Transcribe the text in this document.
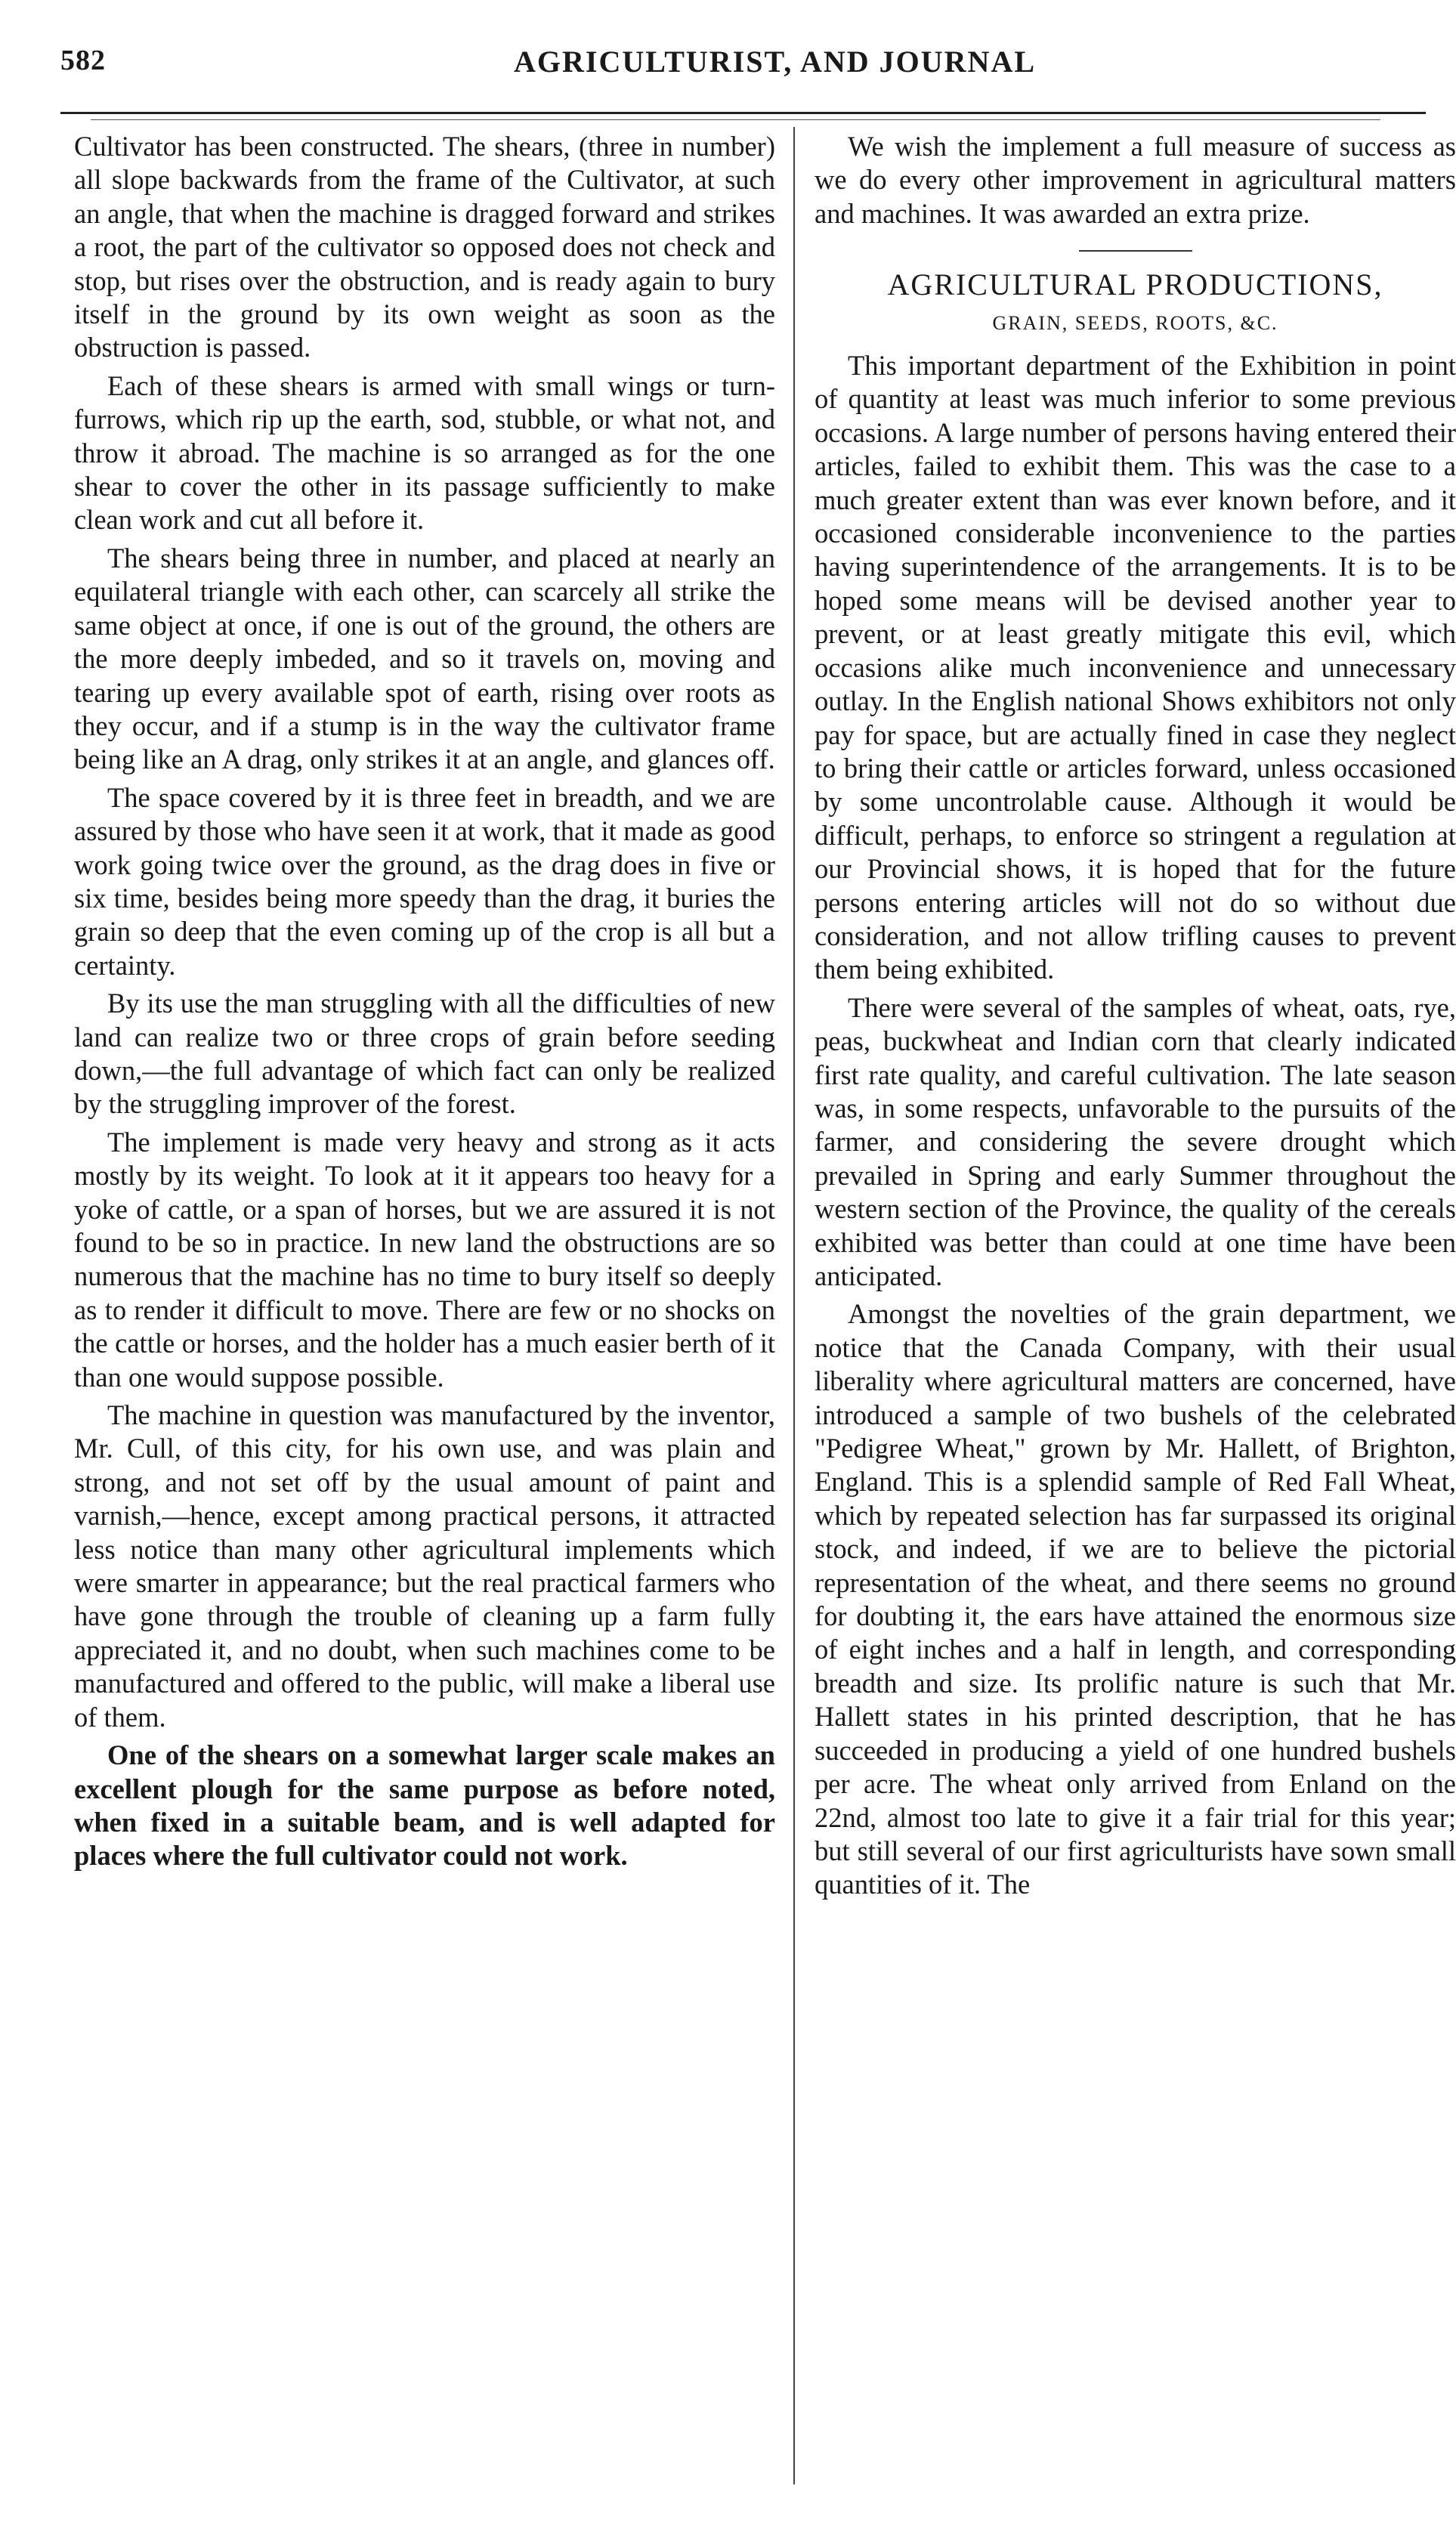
582	AGRICULTURIST, AND JOURNAL

Cultivator has been constructed. The shears, (three in number) all slope backwards from the frame of the Cultivator, at such an angle, that when the machine is dragged forward and strikes a root, the part of the cultivator so opposed does not check and stop, but rises over the obstruction, and is ready again to bury itself in the ground by its own weight as soon as the obstruction is passed.

Each of these shears is armed with small wings or turn-furrows, which rip up the earth, sod, stubble, or what not, and throw it abroad. The machine is so arranged as for the one shear to cover the other in its passage sufficiently to make clean work and cut all before it.

The shears being three in number, and placed at nearly an equilateral triangle with each other, can scarcely all strike the same object at once, if one is out of the ground, the others are the more deeply imbeded, and so it travels on, moving and tearing up every available spot of earth, rising over roots as they occur, and if a stump is in the way the cultivator frame being like an A drag, only strikes it at an angle, and glances off.

The space covered by it is three feet in breadth, and we are assured by those who have seen it at work, that it made as good work going twice over the ground, as the drag does in five or six time, besides being more speedy than the drag, it buries the grain so deep that the even coming up of the crop is all but a certainty.

By its use the man struggling with all the difficulties of new land can realize two or three crops of grain before seeding down,—the full advantage of which fact can only be realized by the struggling improver of the forest.

The implement is made very heavy and strong as it acts mostly by its weight. To look at it it appears too heavy for a yoke of cattle, or a span of horses, but we are assured it is not found to be so in practice. In new land the obstructions are so numerous that the machine has no time to bury itself so deeply as to render it difficult to move. There are few or no shocks on the cattle or horses, and the holder has a much easier berth of it than one would suppose possible.

The machine in question was manufactured by the inventor, Mr. Cull, of this city, for his own use, and was plain and strong, and not set off by the usual amount of paint and varnish,—hence, except among practical persons, it attracted less notice than many other agricultural implements which were smarter in appearance; but the real practical farmers who have gone through the trouble of cleaning up a farm fully appreciated it, and no doubt, when such machines come to be manufactured and offered to the public, will make a liberal use of them.

One of the shears on a somewhat larger scale makes an excellent plough for the same purpose as before noted, when fixed in a suitable beam, and is well adapted for places where the full cultivator could not work.

We wish the implement a full measure of success as we do every other improvement in agricultural matters and machines. It was awarded an extra prize.

AGRICULTURAL PRODUCTIONS,
GRAIN, SEEDS, ROOTS, &C.

This important department of the Exhibition in point of quantity at least was much inferior to some previous occasions. A large number of persons having entered their articles, failed to exhibit them. This was the case to a much greater extent than was ever known before, and it occasioned considerable inconvenience to the parties having superintendence of the arrangements. It is to be hoped some means will be devised another year to prevent, or at least greatly mitigate this evil, which occasions alike much inconvenience and unnecessary outlay. In the English national Shows exhibitors not only pay for space, but are actually fined in case they neglect to bring their cattle or articles forward, unless occasioned by some uncontrolable cause. Although it would be difficult, perhaps, to enforce so stringent a regulation at our Provincial shows, it is hoped that for the future persons entering articles will not do so without due consideration, and not allow trifling causes to prevent them being exhibited.

There were several of the samples of wheat, oats, rye, peas, buckwheat and Indian corn that clearly indicated first rate quality, and careful cultivation. The late season was, in some respects, unfavorable to the pursuits of the farmer, and considering the severe drought which prevailed in Spring and early Summer throughout the western section of the Province, the quality of the cereals exhibited was better than could at one time have been anticipated.

Amongst the novelties of the grain department, we notice that the Canada Company, with their usual liberality where agricultural matters are concerned, have introduced a sample of two bushels of the celebrated "Pedigree Wheat," grown by Mr. Hallett, of Brighton, England. This is a splendid sample of Red Fall Wheat, which by repeated selection has far surpassed its original stock, and indeed, if we are to believe the pictorial representation of the wheat, and there seems no ground for doubting it, the ears have attained the enormous size of eight inches and a half in length, and corresponding breadth and size. Its prolific nature is such that Mr. Hallett states in his printed description, that he has succeeded in producing a yield of one hundred bushels per acre. The wheat only arrived from Enland on the 22nd, almost too late to give it a fair trial for this year; but still several of our first agriculturists have sown small quantities of it. The
